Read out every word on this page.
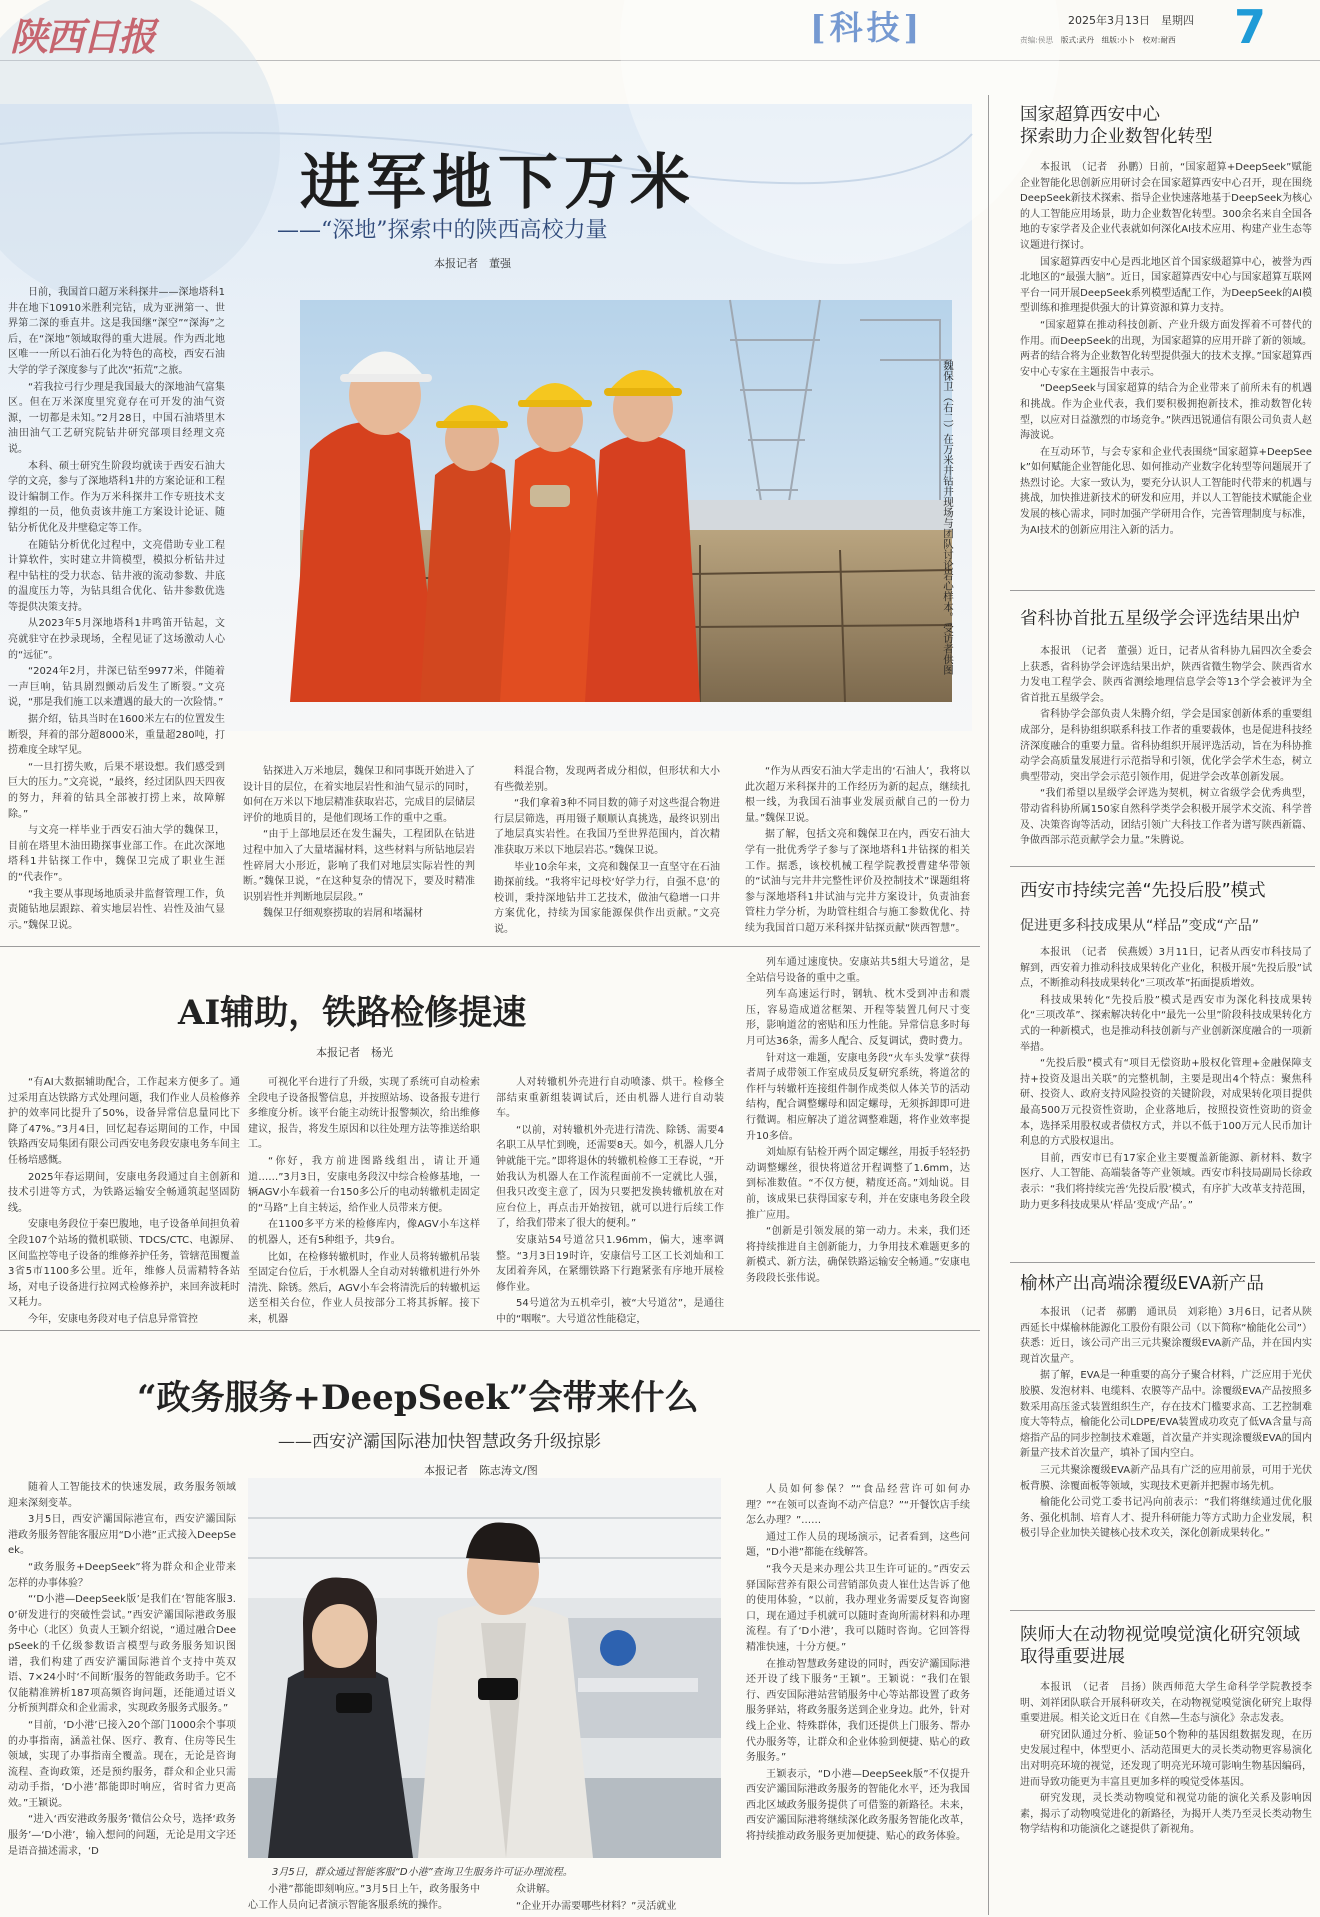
陕西日报	[科技]	2025年3月13日　星期四
责编:侯思　版式:武丹　组版:小卜　校对:耐西 7
进军地下万米
——“深地”探索中的陕西高校力量
本报记者　董强
魏保卫（右二）在万米井钻井现场与团队讨论岩心样本。受访者供图

日前，我国首口超万米科探井——深地塔科1井在地下10910米胜利完钻，成为亚洲第一、世界第二深的垂直井。这是我国继“深空”“深海”之后，在“深地”领域取得的重大进展。作为西北地区唯一一所以石油石化为特色的高校，西安石油大学的学子深度参与了此次“拓荒”之旅。

“若我拉弓行少理是我国最大的深地油气富集区。但在万米深度里究竟存在可开发的油气资源，一切都是未知。”2月28日，中国石油塔里木油田油气工艺研究院钻井研究部项目经理文亮说。

本科、硕士研究生阶段均就读于西安石油大学的文亮，参与了深地塔科1井的方案论证和工程设计编制工作。作为万米科探井工作专班技术支撑组的一员，他负责该井施工方案设计论证、随钻分析优化及井壁稳定等工作。

在随钻分析优化过程中，文亮借助专业工程计算软件，实时建立井筒模型，模拟分析钻井过程中钻柱的受力状态、钻井液的流动参数、井底的温度压力等，为钻具组合优化、钻井参数优选等提供决策支持。

从2023年5月深地塔科1井鸣笛开钻起，文亮就驻守在抄录现场，全程见证了这场激动人心的“远征”。

“2024年2月，井深已钻至9977米，伴随着一声巨响，钻具剧烈颤动后发生了断裂。”文亮说，“那是我们施工以来遭遇的最大的一次险情。”

据介绍，钻具当时在1600米左右的位置发生断裂，拜着的部分超8000米，重量超280吨，打捞难度全球罕见。

“一旦打捞失败，后果不堪设想。我们感受到巨大的压力。”文亮说，“最终，经过团队四天四夜的努力，拜着的钻具全部被打捞上来，故障解除。”

与文亮一样毕业于西安石油大学的魏保卫，目前在塔里木油田勘探事业部工作。在此次深地塔科1井钻探工作中，魏保卫完成了职业生涯的“代表作”。

“我主要从事现场地质录井监督管理工作，负责随钻地层跟踪、着实地层岩性、岩性及油气显示。”魏保卫说。

钻探进入万米地层，魏保卫和同事既开始进入了设计目的层位，在着实地层岩性和油气显示的同时，如何在万米以下地层精准获取岩芯，完成目的层储层评价的地质目的，是他们现场工作的重中之重。

“由于上部地层还在发生漏失，工程团队在钻进过程中加入了大量堵漏材料，这些材料与所钻地层岩性碎屑大小形近，影响了我们对地层实际岩性的判断。”魏保卫说，“在这种复杂的情况下，要及时精准识别岩性并判断地层层段。”

魏保卫仔细观察捞取的岩屑和堵漏材

料混合物，发现两者成分相似，但形状和大小有些微差别。

“我们拿着3种不同目数的筛子对这些混合物进行层层筛选，再用镊子顺顺认真挑选，最终识别出了地层真实岩性。在我国乃至世界范围内，首次精准获取万米以下地层岩芯。”魏保卫说。

毕业10余年来，文亮和魏保卫一直坚守在石油勘探前线。“我将牢记母校‘好学力行，自强不息’的校训，秉持深地钻井工艺技术，做油气稳增一口井方案优化，持续为国家能源保供作出贡献。”文亮说。

“作为从西安石油大学走出的‘石油人’，我将以此次超万米科探井的工作经历为新的起点，继续扎根一线，为我国石油事业发展贡献自己的一份力量。”魏保卫说。

据了解，包括文亮和魏保卫在内，西安石油大学有一批优秀学子参与了深地塔科1井钻探的相关工作。据悉，该校机械工程学院教授曹建华带领的“试油与完井井完整性评价及控制技术”课题组将参与深地塔科1井试油与完井方案设计，负责油套管柱力学分析，为助管柱组合与施工参数优化、持续为我国首口超万米科探井钻探贡献“陕西智慧”。

AI辅助，铁路检修提速
本报记者　杨光

“有AI大数据辅助配合，工作起来方便多了。通过采用直达铁路方式处理问题，我们作业人员检修养护的效率同比提升了50%，设备异常信息量同比下降了47%。”3月4日，回忆起春运期间的工作，中国铁路西安局集团有限公司西安电务段安康电务车间主任杨培感慨。

2025年春运期间，安康电务段通过自主创新和技术引进等方式，为铁路运输安全畅通筑起坚固防线。

安康电务段位于秦巴腹地，电子设备单间担负着全段107个站场的微机联锁、TDCS/CTC、电源屏、区间监控等电子设备的维修养护任务，管辖范围覆盖3省5市1100多公里。近年，维修人员需精特各站场，对电子设备进行拉网式检修养护，来回奔波耗时又耗力。

今年，安康电务段对电子信息异常管控

可视化平台进行了升级，实现了系统可自动检索全段电子设备报警信息，并按照站场、设备报专进行多维度分析。该平台能主动统计报警频次，给出维修建议，报告，将发生原因和以往处理方法等推送给职工。

“你好，我方前进图路线组出，请让开通道……”3月3日，安康电务段汉中综合检修基地，一辆AGV小车载着一台150多公斤的电动转辙机走固定的“马路”上自主转运，给作业人员带来方便。

在1100多平方米的检修库内，像AGV小车这样的机器人，还有5种组予，共9台。

比如，在检修转辙机时，作业人员将转辙机吊装至固定台位后，于水机器人全自动对转辙机进行外外清洗、除锈。然后，AGV小车会将清洗后的转辙机运送至相关台位，作业人员按部分工将其拆解。接下来，机器

人对转辙机外壳进行自动喷漆、烘干。检修全部结束重新组装调试后，还由机器人进行自动装车。

“以前，对转辙机外壳进行清洗、除锈、需要4名职工从早忙到晚，还需要8天。如今，机器人几分钟就能干完。”即将退休的转辙机检修工王春说，“开始我认为机器人在工作流程面前不一定就比人强，但我只改变主意了，因为只要把发换转辙机放在对应台位上，再点击开始按钮，就可以进行后续工作了，给我们带来了很大的便利。”

安康站54号道岔只1.96mm，偏大，速率调整。“3月3日19时许，安康信号工区工长刘灿和工友团着奔风，在紧绷铁路下行跑紧张有序地开展检修作业。

54号道岔为五机牵引，被“大号道岔”，是通往中的“咽喉”。大号道岔性能稳定，

列车通过速度快。安康站共5组大号道岔，是全站信号设备的重中之重。

列车高速运行时，钢轨、枕木受到冲击和震压，容易造成道岔框架、开程等装置几何尺寸变形，影响道岔的密贴和压力性能。异常信息多时每月可达36条，需多人配合、反复调试，费时费力。

针对这一难题，安康电务段“火车头发掌”获得者周子成带领工作室成员反复研究系统，将道岔的作杆与转辙杆连接组件制作成类似人体关节的活动结构，配合调整螺母和固定螺母，无须拆卸即可进行微调。相应解决了道岔调整难题，将作业效率提升10多倍。

刘灿原有钻检开两个固定螺丝，用扳手轻轻扔动调整螺丝，很快将道岔开程调整了1.6mm，达到标准数值。“不仅方便，精度还高。”刘灿说。目前，该成果已获得国家专利，并在安康电务段全段推广应用。

“创新是引领发展的第一动力。未来，我们还将持续推进自主创新能力，力争用技术难题更多的新模式、新方法，确保铁路运输安全畅通。”安康电务段段长张伟说。

“政务服务+DeepSeek”会带来什么
——西安浐灞国际港加快智慧政务升级掠影
本报记者　陈志涛文/图
3月5日，群众通过智能客服“D小港”查询卫生服务许可证办理流程。

随着人工智能技术的快速发展，政务服务领域迎来深刻变革。

3月5日，西安浐灞国际港宣布，西安浐灞国际港政务服务智能客服应用“D小港”正式接入DeepSeek。

“政务服务+DeepSeek”将为群众和企业带来怎样的办事体验？

“‘D小港—DeepSeek版’是我们在‘智能客服3.0’研发进行的突破性尝试。”西安浐灞国际港政务服务中心（北区）负责人王颖介绍说，“通过融合DeepSeek的千亿级参数语言模型与政务服务知识图谱，我们构建了西安浐灞国际港首个支持中英双语、7×24小时‘不间断’服务的智能政务助手。它不仅能精准辨析187项高频咨询问题，还能通过语义分析预判群众和企业需求，实现政务服务式服务。”

“目前，‘D小港’已接入20个部门1000余个事项的办事指南，涵盖社保、医疗、教育、住房等民生领域，实现了办事指南全覆盖。现在，无论是咨询流程、查询政策，还是预约服务，群众和企业只需动动手指，‘D小港’都能即时响应，省时省力更高效。”王颖说。

“进入‘西安港政务服务’微信公众号，选择‘政务服务’—‘D小港’，输入想问的问题，无论是用文字还是语音描述需求，‘D

小港”都能即刻响应。”3月5日上午，政务服务中心工作人员向记者演示智能客服系统的操作。

众讲解。

“企业开办需要哪些材料？”灵活就业

人员如何参保？”“食品经营许可如何办理？”“在领可以查询不动产信息？”“开餐饮店手续怎么办理？”……

通过工作人员的现场演示，记者看到，这些问题，“D小港”都能在线解答。

“我今天是来办理公共卫生许可证的。”西安云驿国际营养有限公司营销部负责人崔仕达告诉了他的使用体验，“以前，我办理业务需要反复咨询窗口，现在通过手机就可以随时查询所需材料和办理流程。有了‘D小港’，我可以随时咨询。它回答得精准快速，十分方便。”

在推动智慧政务建设的同时，西安浐灞国际港还开设了线下服务“王颖”。王颖说：“我们在银行、西安国际港站营销服务中心等站都设置了政务服务驿站，将政务服务送到企业身边。此外，针对线上企业、特殊群体，我们还提供上门服务、帮办代办服务等，让群众和企业体验到便捷、贴心的政务服务。”

王颖表示，“D小港—DeepSeek版”不仅提升西安浐灞国际港政务服务的智能化水平，还为我国西北区域政务服务提供了可借鉴的新路径。未来，西安浐灞国际港将继续深化政务服务智能化改革，将持续推动政务服务更加便捷、贴心的政务体验。

国家超算西安中心
探索助力企业数智化转型

本报讯　（记者　孙鹏）日前，“国家超算+DeepSeek”赋能企业智能化思创新应用研讨会在国家超算西安中心召开，现在围绕DeepSeek新技术探索、指导企业快速落地基于DeepSeek为核心的人工智能应用场景，助力企业数智化转型。300余名来自全国各地的专家学者及企业代表就如何深化AI技术应用、构建产业生态等议题进行探讨。

国家超算西安中心是西北地区首个国家级超算中心，被誉为西北地区的“最强大脑”。近日，国家超算西安中心与国家超算互联网平台一同开展DeepSeek系列模型适配工作，为DeepSeek的AI模型训练和推理提供强大的计算资源和算力支持。

“国家超算在推动科技创新、产业升级方面发挥着不可替代的作用。而DeepSeek的出现，为国家超算的应用开辟了新的领域。两者的结合将为企业数智化转型提供强大的技术支撑。”国家超算西安中心专家在主题报告中表示。

“DeepSeek与国家超算的结合为企业带来了前所未有的机遇和挑战。作为企业代表，我们要积极拥抱新技术，推动数智化转型，以应对日益激烈的市场竞争。”陕西迅锐通信有限公司负责人赵海波说。

在互动环节，与会专家和企业代表围绕“国家超算+DeepSeek”如何赋能企业智能化思、如何推动产业数字化转型等问题展开了热烈讨论。大家一致认为，要充分认识人工智能时代带来的机遇与挑战，加快推进新技术的研发和应用，并以人工智能技术赋能企业发展的核心需求，同时加强产学研用合作，完善管理制度与标准，为AI技术的创新应用注入新的活力。

省科协首批五星级学会评选结果出炉

本报讯　（记者　董强）近日，记者从省科协九届四次全委会上获悉，省科协学会评选结果出炉，陕西省微生物学会、陕西省水力发电工程学会、陕西省测绘地理信息学会等13个学会被评为全省首批五星级学会。

省科协学会部负责人朱腾介绍，学会是国家创新体系的重要组成部分，是科协组织联系科技工作者的重要载体，也是促进科技经济深度融合的重要力量。省科协组织开展评选活动，旨在为科协推动学会高质量发展进行示范指导和引领，优化学会学术生态，树立典型带动，突出学会示范引领作用，促进学会改革创新发展。

“我们希望以星级学会评选为契机，树立省级学会优秀典型，带动省科协所属150家自然科学类学会积极开展学术交流、科学普及、决策咨询等活动，团结引领广大科技工作者为谱写陕西新篇、争做西部示范贡献学会力量。”朱腾说。

西安市持续完善“先投后股”模式
促进更多科技成果从“样品”变成“产品”

本报讯　（记者　侯燕媛）3月11日，记者从西安市科技局了解到，西安着力推动科技成果转化产业化，积极开展“先投后股”试点，不断推动科技成果转化“三项改革”拓面提质增效。

科技成果转化“先投后股”模式是西安市为深化科技成果转化“三项改革”、探索解决转化中“最先一公里”阶段科技成果转化方式的一种新模式，也是推动科技创新与产业创新深度融合的一项新举措。

“先投后股”模式有“项目无偿资助+股权化管理+金融保障支持+投资及退出关联”的完整机制，主要是现出4个特点：聚焦科研、投资人、政府支持风险投资的关键阶段，对成果转化项目提供最高500万元投资性资助，企业落地后，按照投资性资助的资金本，选择采用股权或者债权方式，并以不低于100万元人民币加计利息的方式股权退出。

目前，西安市已有17家企业主要覆盖新能源、新材料、数字医疗、人工智能、高端装备等产业领域。西安市科技局副局长徐政表示：“我们将持续完善‘先投后股’模式，有序扩大改革支持范围，助力更多科技成果从‘样品’变成‘产品’。”

榆林产出高端涂覆级EVA新产品

本报讯　（记者　郝鹏　通讯员　刘彩艳）3月6日，记者从陕西延长中煤榆林能源化工股份有限公司（以下简称“榆能化公司”）获悉：近日，该公司产出三元共聚涂覆级EVA新产品，并在国内实现首次量产。

据了解，EVA是一种重要的高分子聚合材料，广泛应用于光伏胶膜、发泡材料、电缆料、农膜等产品中。涂覆级EVA产品按照多数采用高压釜式装置组织生产，存在技术门槛要求高、工艺控制难度大等特点，榆能化公司LDPE/EVA装置成功攻克了低VA含量与高熔指产品的同步控制技术难题，首次量产并实现涂覆级EVA的国内新量产技术首次量产，填补了国内空白。

三元共聚涂覆级EVA新产品具有广泛的应用前景，可用于光伏板背膜、涂覆面板等领域，实现技术更新并把握市场先机。

榆能化公司党工委书记冯向前表示：“我们将继续通过优化服务、强化机制、培育人才、提升科研能力等方式助力企业发展，积极引导企业加快关键核心技术攻关，深化创新成果转化。”

陕师大在动物视觉嗅觉演化研究领域
取得重要进展

本报讯　（记者　吕扬）陕西师范大学生命科学学院教授李明、刘祥团队联合开展科研攻关，在动物视觉嗅觉演化研究上取得重要进展。相关论文近日在《自然—生态与演化》杂志发表。

研究团队通过分析、验证50个物种的基因组数据发现，在历史发展过程中，体型更小、活动范围更大的灵长类动物更容易演化出对明亮环境的视觉，还发现了明亮光环境可影响生物基因编码，进而导致功能更为丰富且更加多样的嗅觉受体基因。

研究发现，灵长类动物嗅觉和视觉功能的演化关系及影响因素，揭示了动物嗅觉进化的新路径，为揭开人类乃至灵长类动物生物学结构和功能演化之谜提供了新视角。
